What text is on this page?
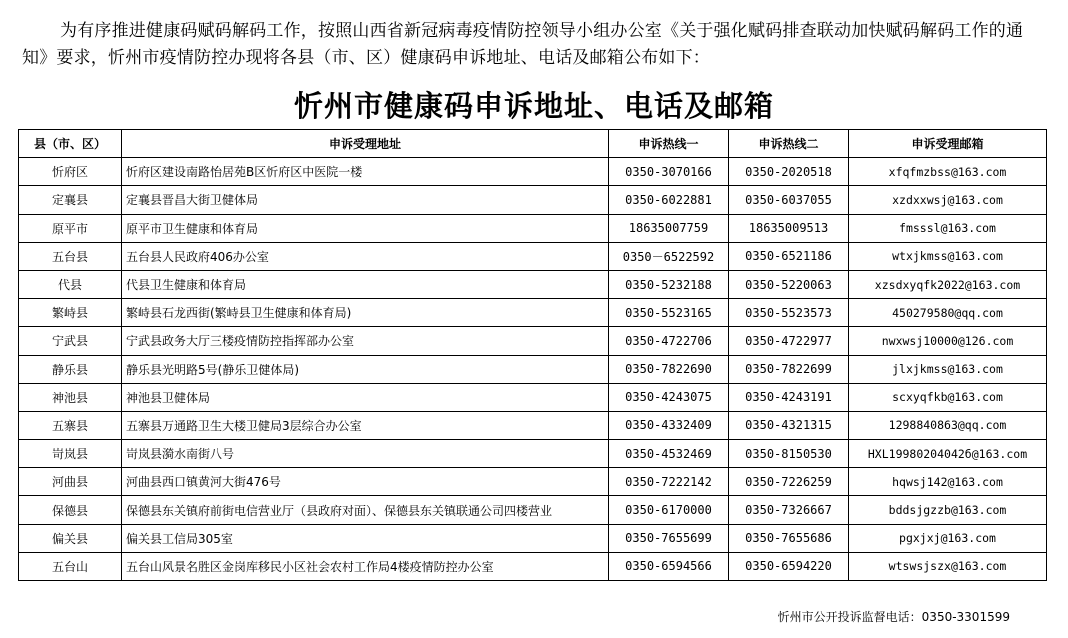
为有序推进健康码赋码解码工作，按照山西省新冠病毒疫情防控领导小组办公室《关于强化赋码排查联动加快赋码解码工作的通知》要求，忻州市疫情防控办现将各县（市、区）健康码申诉地址、电话及邮箱公布如下：
忻州市健康码申诉地址、电话及邮箱
县（市、区）	申诉受理地址	申诉热线一	申诉热线二	申诉受理邮箱
忻府区	忻府区建设南路怡居苑B区忻府区中医院一楼	0350-3070166	0350-2020518	xfqfmzbss@163.com
定襄县	定襄县晋昌大街卫健体局	0350-6022881	0350-6037055	xzdxxwsj@163.com
原平市	原平市卫生健康和体育局	18635007759	18635009513	fmsssl@163.com
五台县	五台县人民政府406办公室	0350－6522592	0350-6521186	wtxjkmss@163.com
代县	代县卫生健康和体育局	0350-5232188	0350-5220063	xzsdxyqfk2022@163.com
繁峙县	繁峙县石龙西街(繁峙县卫生健康和体育局)	0350-5523165	0350-5523573	450279580@qq.com
宁武县	宁武县政务大厅三楼疫情防控指挥部办公室	0350-4722706	0350-4722977	nwxwsj10000@126.com
静乐县	静乐县光明路5号(静乐卫健体局)	0350-7822690	0350-7822699	jlxjkmss@163.com
神池县	神池县卫健体局	0350-4243075	0350-4243191	scxyqfkb@163.com
五寨县	五寨县万通路卫生大楼卫健局3层综合办公室	0350-4332409	0350-4321315	1298840863@qq.com
岢岚县	岢岚县漪水南街八号	0350-4532469	0350-8150530	HXL19980204042б@163.com
河曲县	河曲县西口镇黄河大街476号	0350-7222142	0350-7226259	hqwsj142@163.com
保德县	保德县东关镇府前街电信营业厅（县政府对面）、保德县东关镇联通公司四楼营业	0350-6170000	0350-7326667	bddsjgzzb@163.com
偏关县	偏关县工信局305室	0350-7655699	0350-7655686	pgxjxj@163.com
五台山	五台山风景名胜区金岗库移民小区社会农村工作局4楼疫情防控办公室	0350-6594566	0350-6594220	wtswsjszx@163.com
忻州市公开投诉监督电话：0350-3301599
